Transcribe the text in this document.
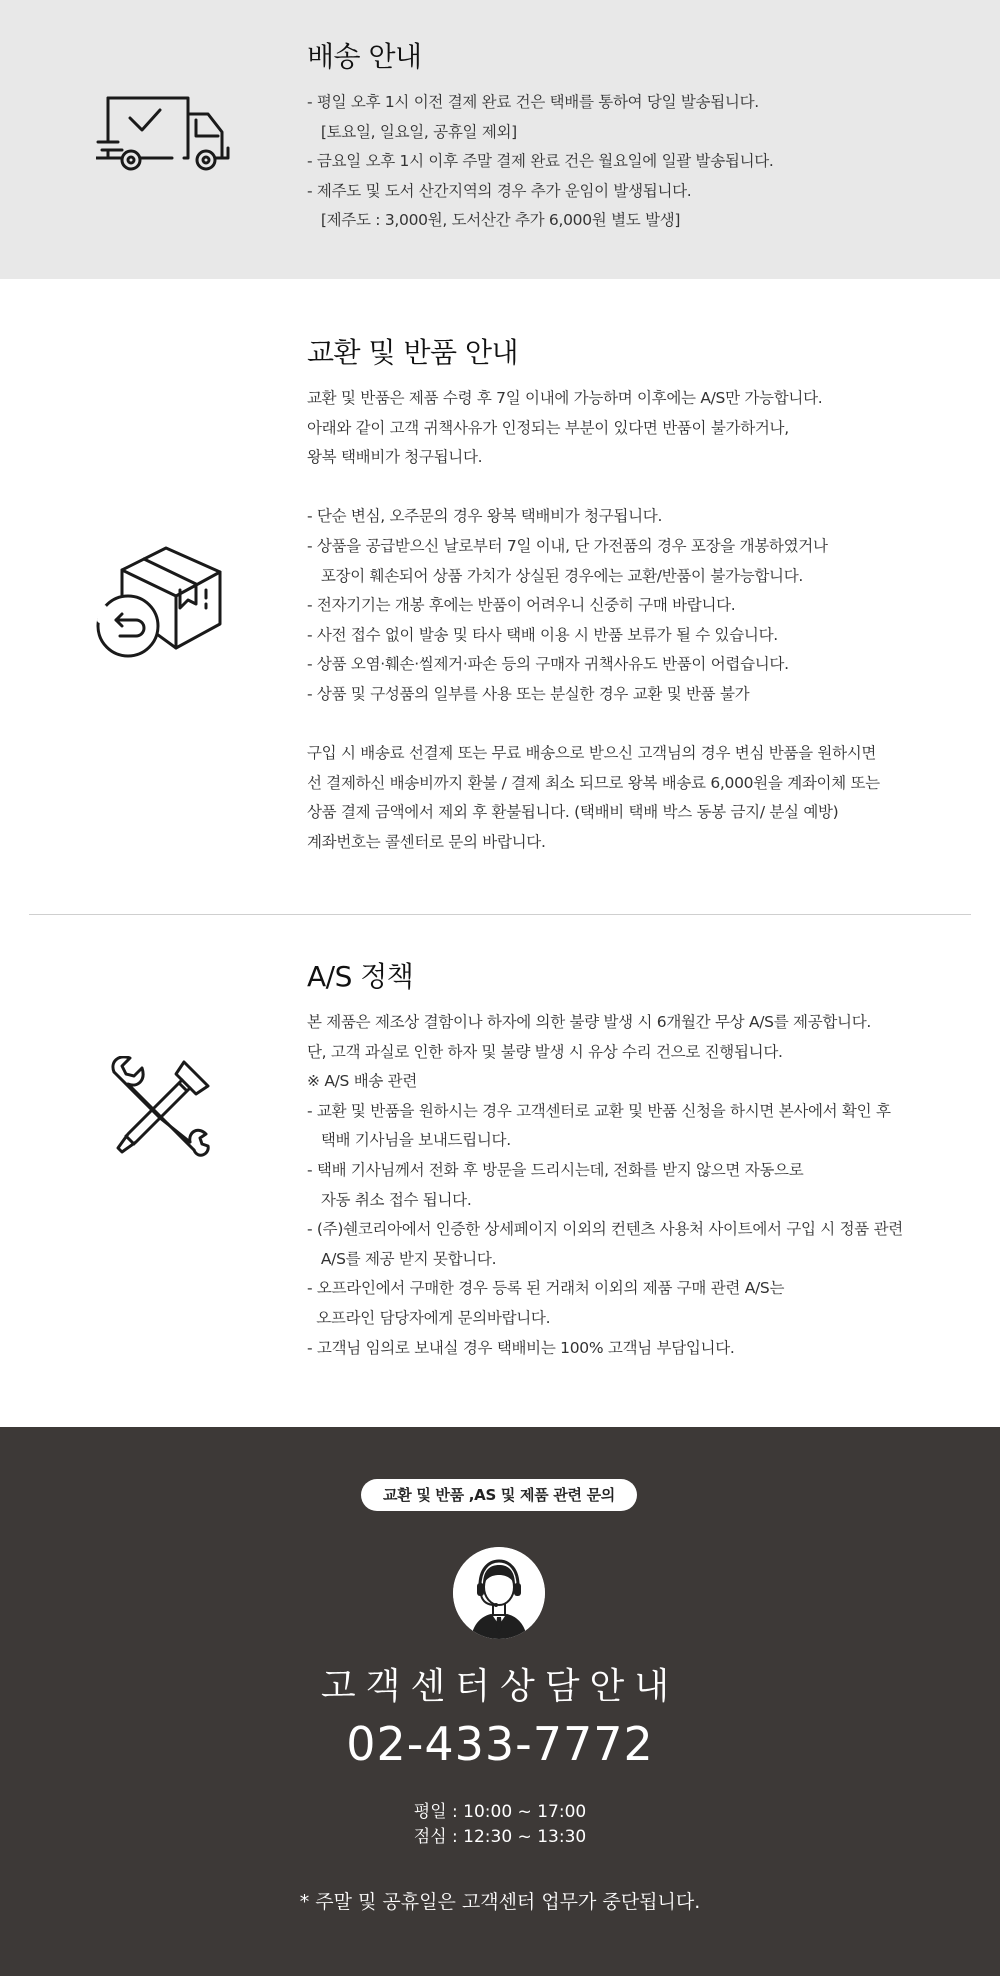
배송 안내
- 평일 오후 1시 이전 결제 완료 건은 택배를 통하여 당일 발송됩니다.
[토요일, 일요일, 공휴일 제외]
- 금요일 오후 1시 이후 주말 결제 완료 건은 월요일에 일괄 발송됩니다.
- 제주도 및 도서 산간지역의 경우 추가 운임이 발생됩니다.
[제주도 : 3,000원, 도서산간 추가 6,000원 별도 발생]
교환 및 반품 안내
교환 및 반품은 제품 수령 후 7일 이내에 가능하며 이후에는 A/S만 가능합니다.
아래와 같이 고객 귀책사유가 인정되는 부분이 있다면 반품이 불가하거나,
왕복 택배비가 청구됩니다.
- 단순 변심, 오주문의 경우 왕복 택배비가 청구됩니다.
- 상품을 공급받으신 날로부터 7일 이내, 단 가전품의 경우 포장을 개봉하였거나
포장이 훼손되어 상품 가치가 상실된 경우에는 교환/반품이 불가능합니다.
- 전자기기는 개봉 후에는 반품이 어려우니 신중히 구매 바랍니다.
- 사전 접수 없이 발송 및 타사 택배 이용 시 반품 보류가 될 수 있습니다.
- 상품 오염·훼손·씰제거·파손 등의 구매자 귀책사유도 반품이 어렵습니다.
- 상품 및 구성품의 일부를 사용 또는 분실한 경우 교환 및 반품 불가
구입 시 배송료 선결제 또는 무료 배송으로 받으신 고객님의 경우 변심 반품을 원하시면
선 결제하신 배송비까지 환불 / 결제 최소 되므로 왕복 배송료 6,000원을 계좌이체 또는
상품 결제 금액에서 제외 후 환불됩니다. (택배비 택배 박스 동봉 금지/ 분실 예방)
계좌번호는 콜센터로 문의 바랍니다.
A/S 정책
본 제품은 제조상 결함이나 하자에 의한 불량 발생 시 6개월간 무상 A/S를 제공합니다.
단, 고객 과실로 인한 하자 및 불량 발생 시 유상 수리 건으로 진행됩니다.
※ A/S 배송 관련
- 교환 및 반품을 원하시는 경우 고객센터로 교환 및 반품 신청을 하시면 본사에서 확인 후
택배 기사님을 보내드립니다.
- 택배 기사님께서 전화 후 방문을 드리시는데, 전화를 받지 않으면 자동으로
자동 취소 접수 됩니다.
- (주)쉔코리아에서 인증한 상세페이지 이외의 컨텐츠 사용처 사이트에서 구입 시 정품 관련
A/S를 제공 받지 못합니다.
- 오프라인에서 구매한 경우 등록 된 거래처 이외의 제품 구매 관련 A/S는
오프라인 담당자에게 문의바랍니다.
- 고객님 임의로 보내실 경우 택배비는 100% 고객님 부담입니다.
교환 및 반품 ,AS 및 제품 관련 문의
고객센터상담안내
02-433-7772
평일 : 10:00 ~ 17:00
점심 : 12:30 ~ 13:30
* 주말 및 공휴일은 고객센터 업무가 중단됩니다.
